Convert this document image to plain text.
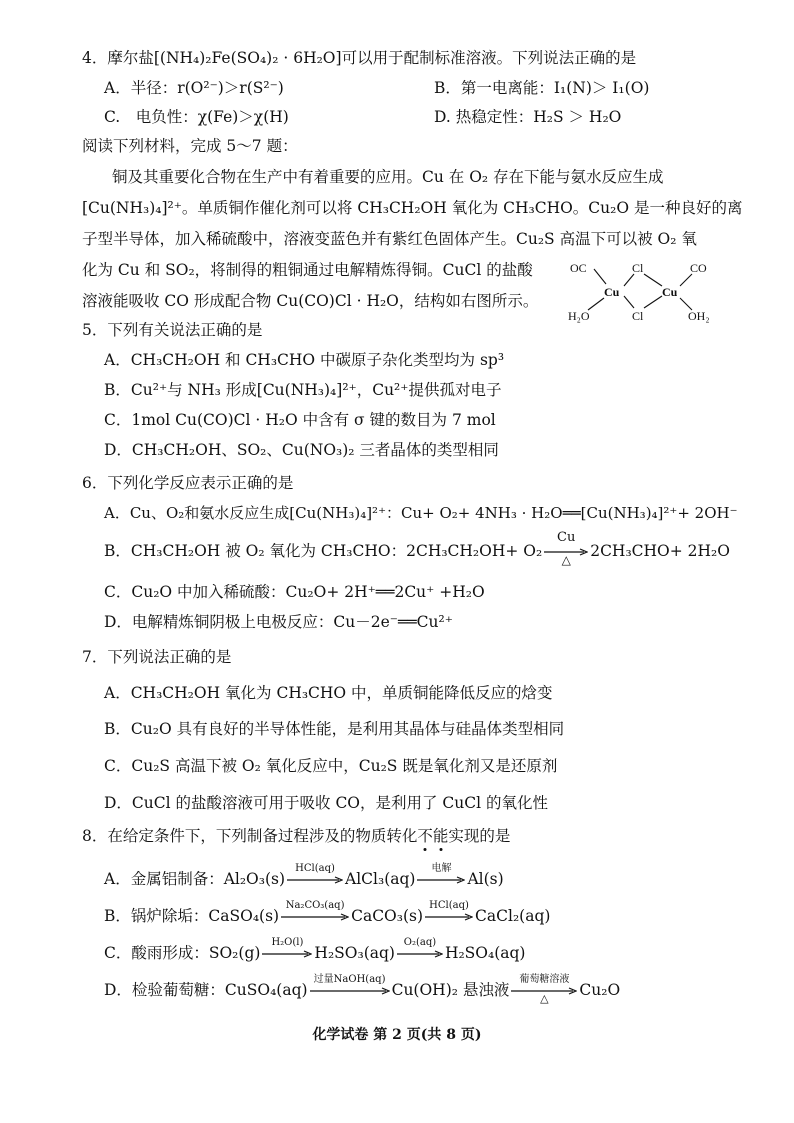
4．摩尔盐[(NH₄)₂Fe(SO₄)₂ · 6H₂O]可以用于配制标准溶液。下列说法正确的是
A．半径：r(O²⁻)＞r(S²⁻)	B．第一电离能：I₁(N)＞ I₁(O)
C.　电负性：χ(Fe)＞χ(H)	D. 热稳定性：H₂S ＞ H₂O
阅读下列材料，完成 5～7 题：
铜及其重要化合物在生产中有着重要的应用。Cu 在 O₂ 存在下能与氨水反应生成
[Cu(NH₃)₄]²⁺。单质铜作催化剂可以将 CH₃CH₂OH 氧化为 CH₃CHO。Cu₂O 是一种良好的离
子型半导体，加入稀硫酸中，溶液变蓝色并有紫红色固体产生。Cu₂S 高温下可以被 O₂ 氧
化为 Cu 和 SO₂，将制得的粗铜通过电解精炼得铜。CuCl 的盐酸
溶液能吸收 CO 形成配合物 Cu(CO)Cl · H₂O，结构如右图所示。
OC	Cl	CO
Cu	Cu
H₂O	Cl	OH₂
5．下列有关说法正确的是
A．CH₃CH₂OH 和 CH₃CHO 中碳原子杂化类型均为 sp³
B．Cu²⁺与 NH₃ 形成[Cu(NH₃)₄]²⁺，Cu²⁺提供孤对电子
C．1mol Cu(CO)Cl · H₂O 中含有 σ 键的数目为 7 mol
D．CH₃CH₂OH、SO₂、Cu(NO₃)₂ 三者晶体的类型相同
6．下列化学反应表示正确的是
A．Cu、O₂和氨水反应生成[Cu(NH₃)₄]²⁺：Cu+ O₂+ 4NH₃ · H₂O══[Cu(NH₃)₄]²⁺+ 2OH⁻
B．CH₃CH₂OH 被 O₂ 氧化为 CH₃CHO：2CH₃CH₂OH+ O₂
Cu
△	2CH₃CHO+ 2H₂O
C．Cu₂O 中加入稀硫酸：Cu₂O+ 2H⁺══2Cu⁺ +H₂O
D．电解精炼铜阴极上电极反应：Cu－2e⁻══Cu²⁺
7．下列说法正确的是
A．CH₃CH₂OH 氧化为 CH₃CHO 中，单质铜能降低反应的焓变
B．Cu₂O 具有良好的半导体性能，是利用其晶体与硅晶体类型相同
C．Cu₂S 高温下被 O₂ 氧化反应中，Cu₂S 既是氧化剂又是还原剂
D．CuCl 的盐酸溶液可用于吸收 CO，是利用了 CuCl 的氧化性
8．在给定条件下，下列制备过程涉及的物质转化不能实现的是
A．金属铝制备：Al₂O₃(s)
HCl(aq)
AlCl₃(aq)
电解
Al(s)
B．锅炉除垢：CaSO₄(s)
Na₂CO₃(aq)
CaCO₃(s)
HCl(aq)
CaCl₂(aq)
C．酸雨形成：SO₂(g)
H₂O(l)
H₂SO₃(aq)
O₂(aq)
H₂SO₄(aq)
D．检验葡萄糖：CuSO₄(aq)
过量NaOH(aq)
Cu(OH)₂ 悬浊液
葡萄糖溶液
△	Cu₂O
化学试卷 第 2 页(共 8 页)
